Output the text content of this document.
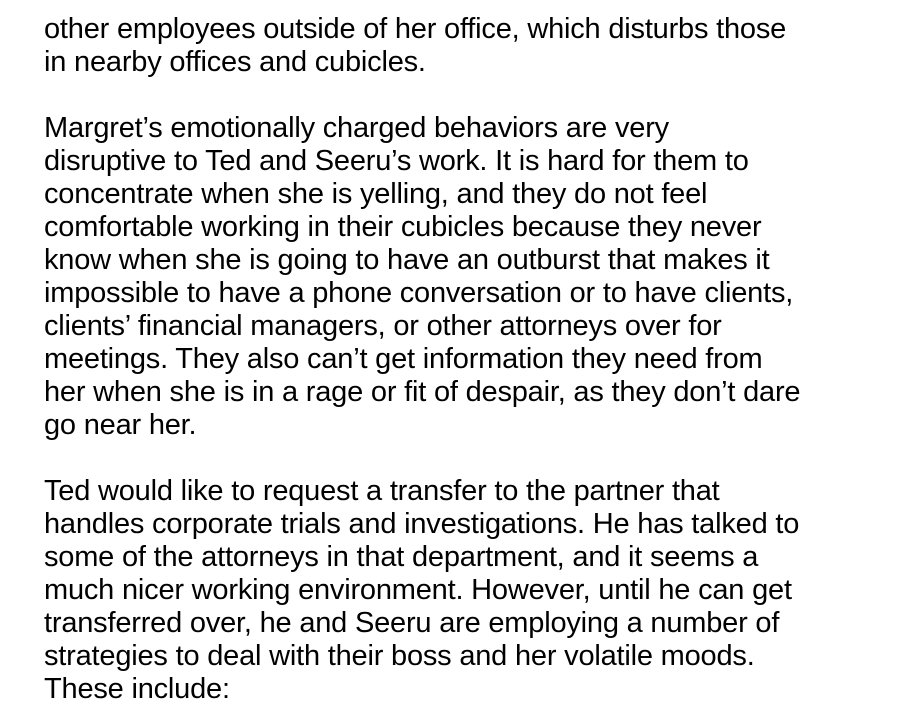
other employees outside of her office, which disturbs those
in nearby offices and cubicles.

Margret’s emotionally charged behaviors are very
disruptive to Ted and Seeru’s work. It is hard for them to
concentrate when she is yelling, and they do not feel
comfortable working in their cubicles because they never
know when she is going to have an outburst that makes it
impossible to have a phone conversation or to have clients,
clients’ financial managers, or other attorneys over for
meetings. They also can’t get information they need from
her when she is in a rage or fit of despair, as they don’t dare
go near her.

Ted would like to request a transfer to the partner that
handles corporate trials and investigations. He has talked to
some of the attorneys in that department, and it seems a
much nicer working environment. However, until he can get
transferred over, he and Seeru are employing a number of
strategies to deal with their boss and her volatile moods.
These include:
